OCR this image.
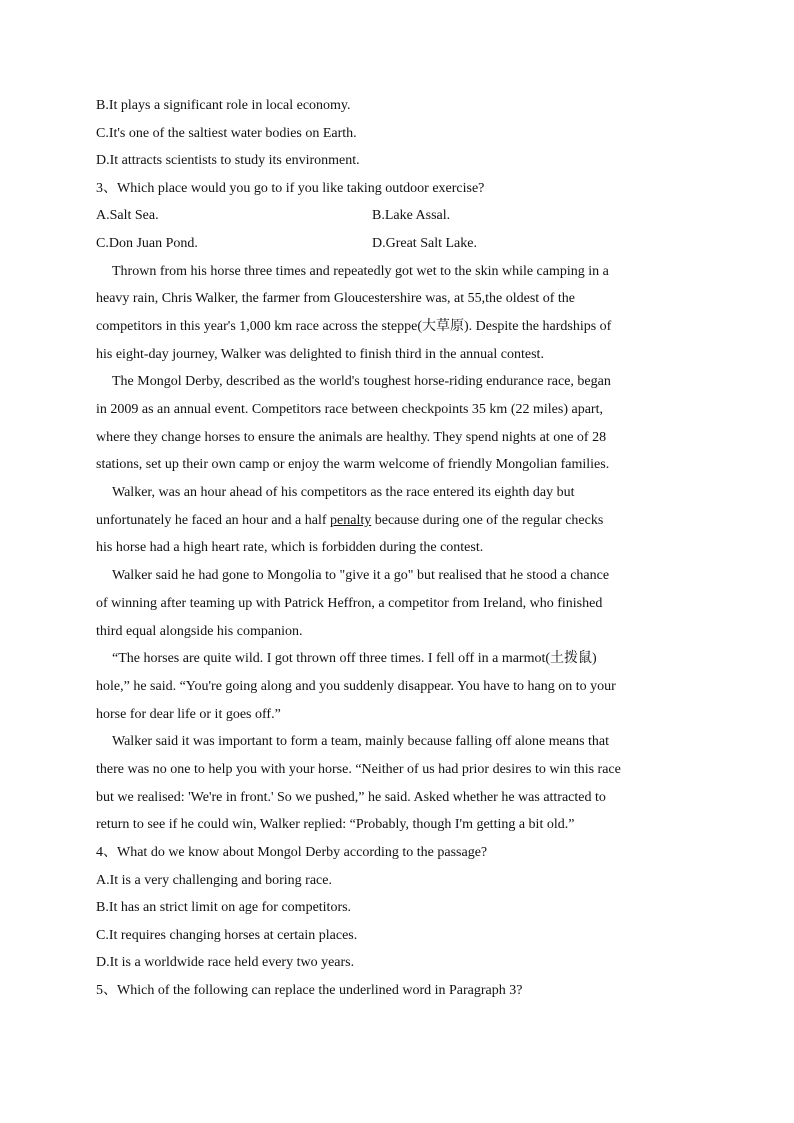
B.It plays a significant role in local economy.
C.It's one of the saltiest water bodies on Earth.
D.It attracts scientists to study its environment.
3、Which place would you go to if you like taking outdoor exercise?
A.Salt Sea.	B.Lake Assal.
C.Don Juan Pond.	D.Great Salt Lake.
Thrown from his horse three times and repeatedly got wet to the skin while camping in a
heavy rain, Chris Walker, the farmer from Gloucestershire was, at 55,the oldest of the
competitors in this year's 1,000 km race across the steppe(大草原). Despite the hardships of
his eight-day journey, Walker was delighted to finish third in the annual contest.
The Mongol Derby, described as the world's toughest horse-riding endurance race, began
in 2009 as an annual event. Competitors race between checkpoints 35 km (22 miles) apart,
where they change horses to ensure the animals are healthy. They spend nights at one of 28
stations, set up their own camp or enjoy the warm welcome of friendly Mongolian families.
Walker, was an hour ahead of his competitors as the race entered its eighth day but
unfortunately he faced an hour and a half penalty because during one of the regular checks
his horse had a high heart rate, which is forbidden during the contest.
Walker said he had gone to Mongolia to "give it a go" but realised that he stood a chance
of winning after teaming up with Patrick Heffron, a competitor from Ireland, who finished
third equal alongside his companion.
“The horses are quite wild. I got thrown off three times. I fell off in a marmot(土拨鼠)
hole,” he said. “You're going along and you suddenly disappear. You have to hang on to your
horse for dear life or it goes off.”
Walker said it was important to form a team, mainly because falling off alone means that
there was no one to help you with your horse. “Neither of us had prior desires to win this race
but we realised: 'We're in front.' So we pushed,” he said. Asked whether he was attracted to
return to see if he could win, Walker replied: “Probably, though I'm getting a bit old.”
4、What do we know about Mongol Derby according to the passage?
A.It is a very challenging and boring race.
B.It has an strict limit on age for competitors.
C.It requires changing horses at certain places.
D.It is a worldwide race held every two years.
5、Which of the following can replace the underlined word in Paragraph 3?
